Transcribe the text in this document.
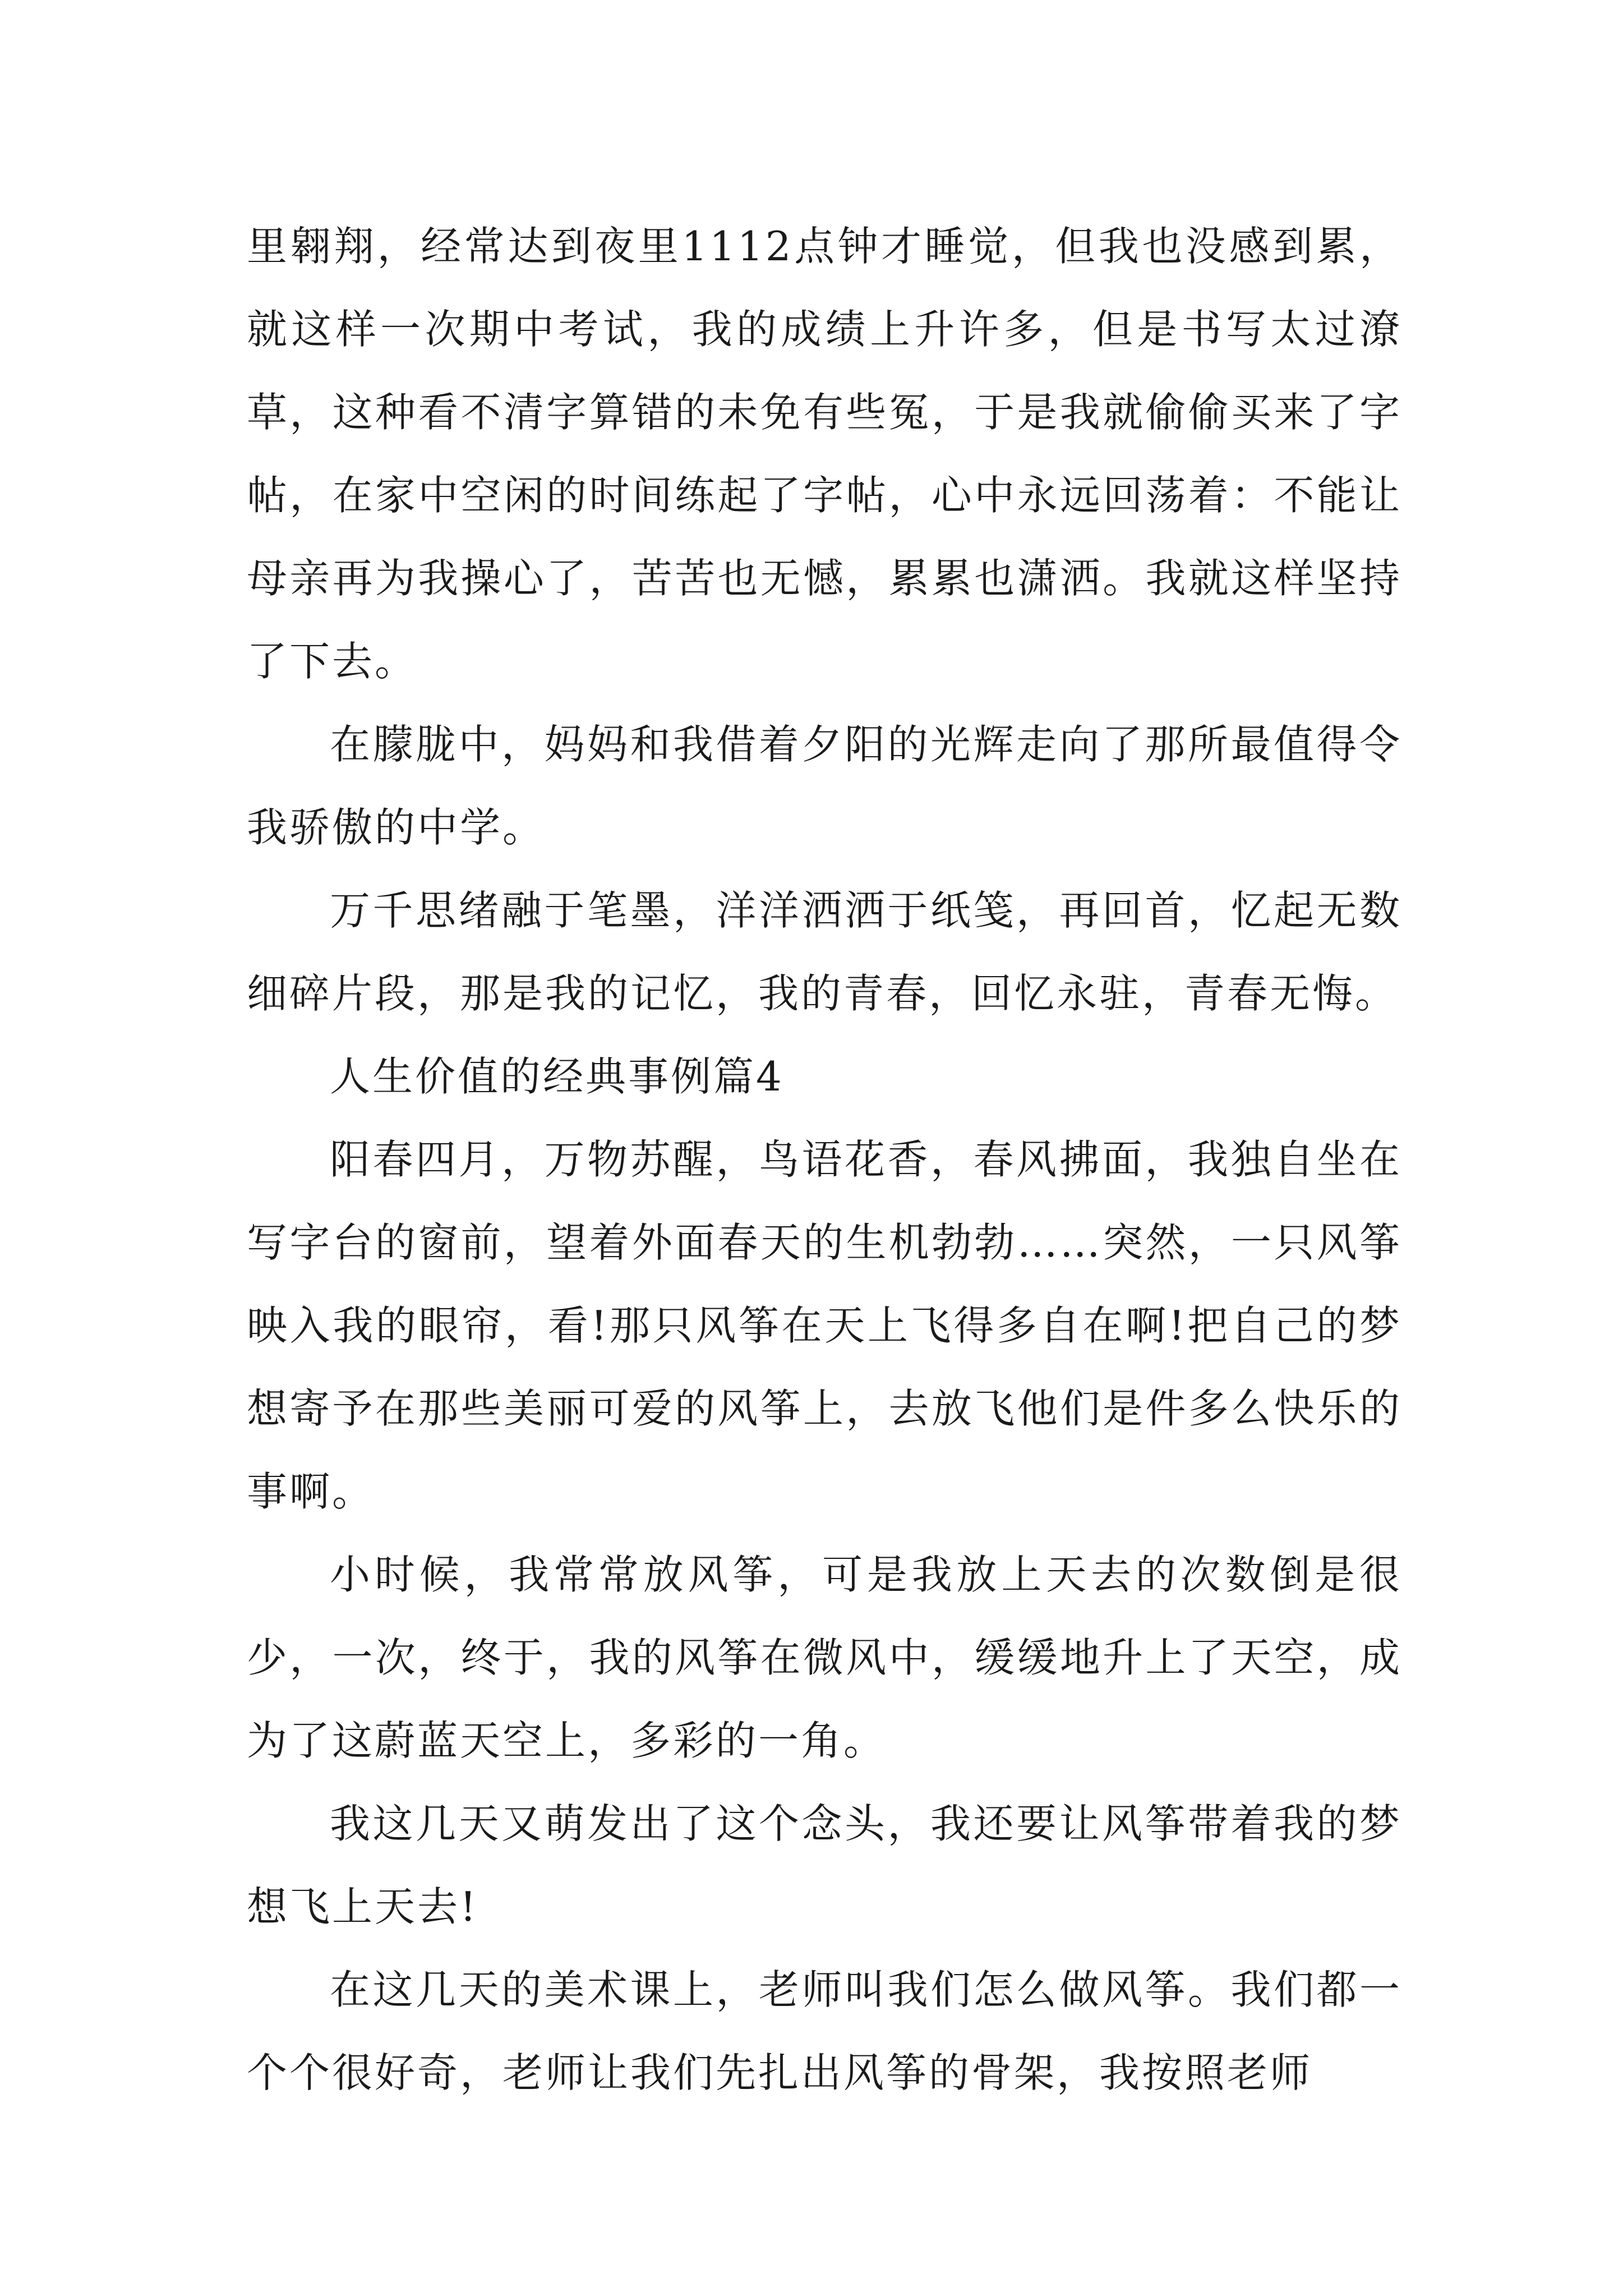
里翱翔，经常达到夜里1112点钟才睡觉，但我也没感到累，就这样一次期中考试，我的成绩上升许多，但是书写太过潦草，这种看不清字算错的未免有些冤，于是我就偷偷买来了字帖，在家中空闲的时间练起了字帖，心中永远回荡着：不能让母亲再为我操心了，苦苦也无憾，累累也潇洒。我就这样坚持了下去。

在朦胧中，妈妈和我借着夕阳的光辉走向了那所最值得令我骄傲的中学。

万千思绪融于笔墨，洋洋洒洒于纸笺，再回首，忆起无数细碎片段，那是我的记忆，我的青春，回忆永驻，青春无悔。

人生价值的经典事例篇4

阳春四月，万物苏醒，鸟语花香，春风拂面，我独自坐在写字台的窗前，望着外面春天的生机勃勃……突然，一只风筝映入我的眼帘，看!那只风筝在天上飞得多自在啊!把自己的梦想寄予在那些美丽可爱的风筝上，去放飞他们是件多么快乐的事啊。

小时候，我常常放风筝，可是我放上天去的次数倒是很少，一次，终于，我的风筝在微风中，缓缓地升上了天空，成为了这蔚蓝天空上，多彩的一角。

我这几天又萌发出了这个念头，我还要让风筝带着我的梦想飞上天去!

在这几天的美术课上，老师叫我们怎么做风筝。我们都一个个很好奇，老师让我们先扎出风筝的骨架，我按照老师
